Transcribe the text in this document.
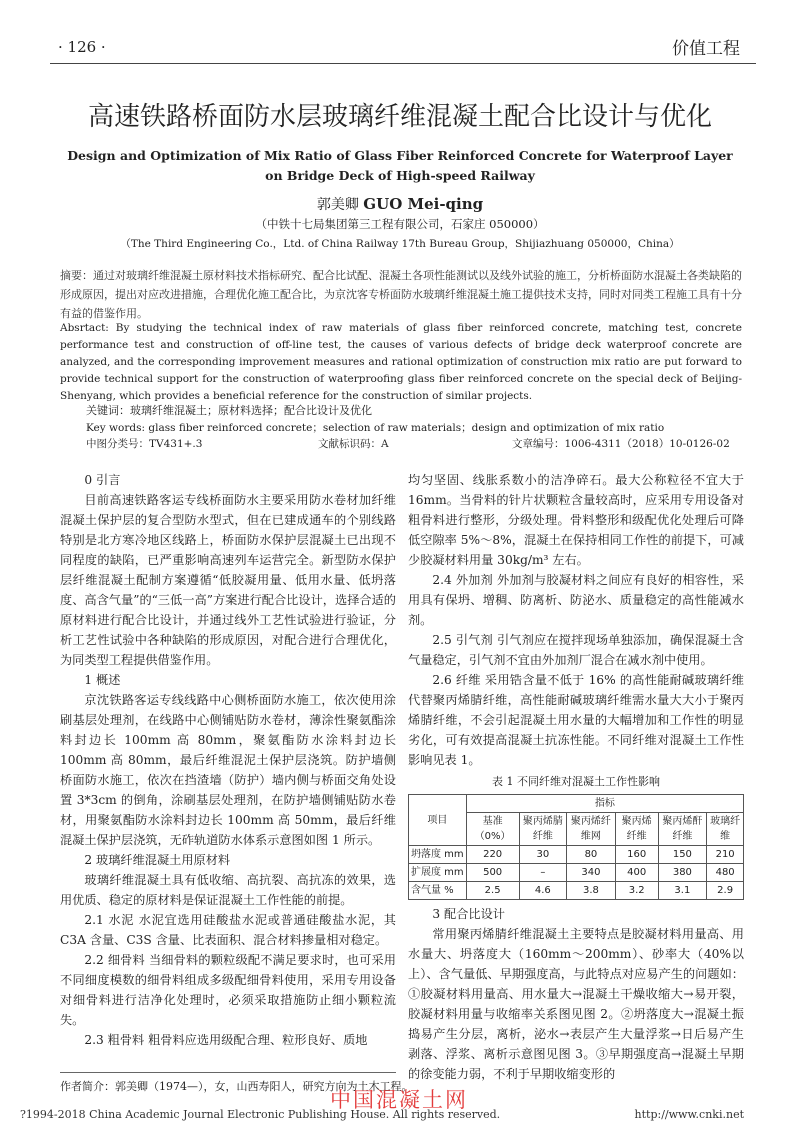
· 126 ·	价值工程
高速铁路桥面防水层玻璃纤维混凝土配合比设计与优化
Design and Optimization of Mix Ratio of Glass Fiber Reinforced Concrete for Waterproof Layer on Bridge Deck of High-speed Railway
郭美卿 GUO Mei-qing
（中铁十七局集团第三工程有限公司，石家庄 050000）
（The Third Engineering Co.，Ltd. of China Railway 17th Bureau Group，Shijiazhuang 050000，China）
摘要：通过对玻璃纤维混凝土原材料技术指标研究、配合比试配、混凝土各项性能测试以及线外试验的施工，分析桥面防水混凝土各类缺陷的形成原因，提出对应改进措施，合理优化施工配合比，为京沈客专桥面防水玻璃纤维混凝土施工提供技术支持，同时对同类工程施工具有十分有益的借鉴作用。
Absrtact: By studying the technical index of raw materials of glass fiber reinforced concrete, matching test, concrete performance test and construction of off-line test, the causes of various defects of bridge deck waterproof concrete are analyzed, and the corresponding improvement measures and rational optimization of construction mix ratio are put forward to provide technical support for the construction of waterproofing glass fiber reinforced concrete on the special deck of Beijing-Shenyang, which provides a beneficial reference for the construction of similar projects.
关键词：玻璃纤维混凝土；原材料选择；配合比设计及优化
Key words: glass fiber reinforced concrete；selection of raw materials；design and optimization of mix ratio
中图分类号：TV431+.3	文献标识码：A	文章编号：1006-4311（2018）10-0126-02
0 引言

目前高速铁路客运专线桥面防水主要采用防水卷材加纤维混凝土保护层的复合型防水型式，但在已建成通车的个别线路特别是北方寒冷地区线路上，桥面防水保护层混凝土已出现不同程度的缺陷，已严重影响高速列车运营完全。新型防水保护层纤维混凝土配制方案遵循“低胶凝用量、低用水量、低坍落度、高含气量”的“三低一高”方案进行配合比设计，选择合适的原材料进行配合比设计，并通过线外工艺性试验进行验证，分析工艺性试验中各种缺陷的形成原因，对配合进行合理优化，为同类型工程提供借鉴作用。

1 概述

京沈铁路客运专线线路中心侧桥面防水施工，依次使用涂刷基层处理剂，在线路中心侧铺贴防水卷材，薄涂性聚氨酯涂料封边长 100mm 高 80mm，聚氨酯防水涂料封边长 100mm 高 80mm，最后纤维混泥土保护层浇筑。防护墙侧桥面防水施工，依次在挡渣墙（防护）墙内侧与桥面交角处设置 3*3cm 的倒角，涂刷基层处理剂，在防护墙侧铺贴防水卷材，用聚氨酯防水涂料封边长 100mm 高 50mm，最后纤维混凝土保护层浇筑，无砟轨道防水体系示意图如图 1 所示。

2 玻璃纤维混凝土用原材料

玻璃纤维混凝土具有低收缩、高抗裂、高抗冻的效果，选用优质、稳定的原材料是保证混凝土工作性能的前提。

2.1 水泥 水泥宜选用硅酸盐水泥或普通硅酸盐水泥，其 C3A 含量、C3S 含量、比表面积、混合材料掺量相对稳定。

2.2 细骨料 当细骨料的颗粒级配不满足要求时，也可采用不同细度模数的细骨料组成多级配细骨料使用，采用专用设备对细骨料进行洁净化处理时，必须采取措施防止细小颗粒流失。

2.3 粗骨料 粗骨料应选用级配合理、粒形良好、质地

均匀坚固、线胀系数小的洁净碎石。最大公称粒径不宜大于 16mm。当骨料的针片状颗粒含量较高时，应采用专用设备对粗骨料进行整形，分级处理。骨料整形和级配优化处理后可降低空隙率 5%～8%，混凝土在保持相同工作性的前提下，可减少胶凝材料用量 30kg/m³ 左右。

2.4 外加剂 外加剂与胶凝材料之间应有良好的相容性，采用具有保坍、增稠、防离析、防泌水、质量稳定的高性能减水剂。

2.5 引气剂 引气剂应在搅拌现场单独添加，确保混凝土含气量稳定，引气剂不宜由外加剂厂混合在减水剂中使用。

2.6 纤维 采用锆含量不低于 16% 的高性能耐碱玻璃纤维代替聚丙烯腈纤维，高性能耐碱玻璃纤维需水量大大小于聚丙烯腈纤维，不会引起混凝土用水量的大幅增加和工作性的明显劣化，可有效提高混凝土抗冻性能。不同纤维对混凝土工作性影响见表 1。

表 1 不同纤维对混凝土工作性影响
项目	指标					
	基准（0%）	聚丙烯腈纤维	聚丙烯纤维网	聚丙烯纤维	聚丙烯酐纤维	玻璃纤维
坍落度 mm	220	30	80	160	150	210
扩展度 mm	500	–	340	400	380	480
含气量 %	2.5	4.6	3.8	3.2	3.1	2.9
3 配合比设计

常用聚丙烯腈纤维混凝土主要特点是胶凝材料用量高、用水量大、坍落度大（160mm～200mm）、砂率大（40%以上）、含气量低、早期强度高，与此特点对应易产生的问题如：①胶凝材料用量高、用水量大→混凝土干燥收缩大→易开裂，胶凝材料用量与收缩率关系图见图 2。②坍落度大→混凝土振捣易产生分层，离析，泌水→表层产生大量浮浆→日后易产生剥落、浮浆、离析示意图见图 3。③早期强度高→混凝土早期的徐变能力弱，不利于早期收缩变形的

作者简介：郭美卿（1974—），女，山西寿阳人，研究方向为土木工程。
中国混凝土网
?1994-2018 China Academic Journal Electronic Publishing House. All rights reserved.	http://www.cnki.net
